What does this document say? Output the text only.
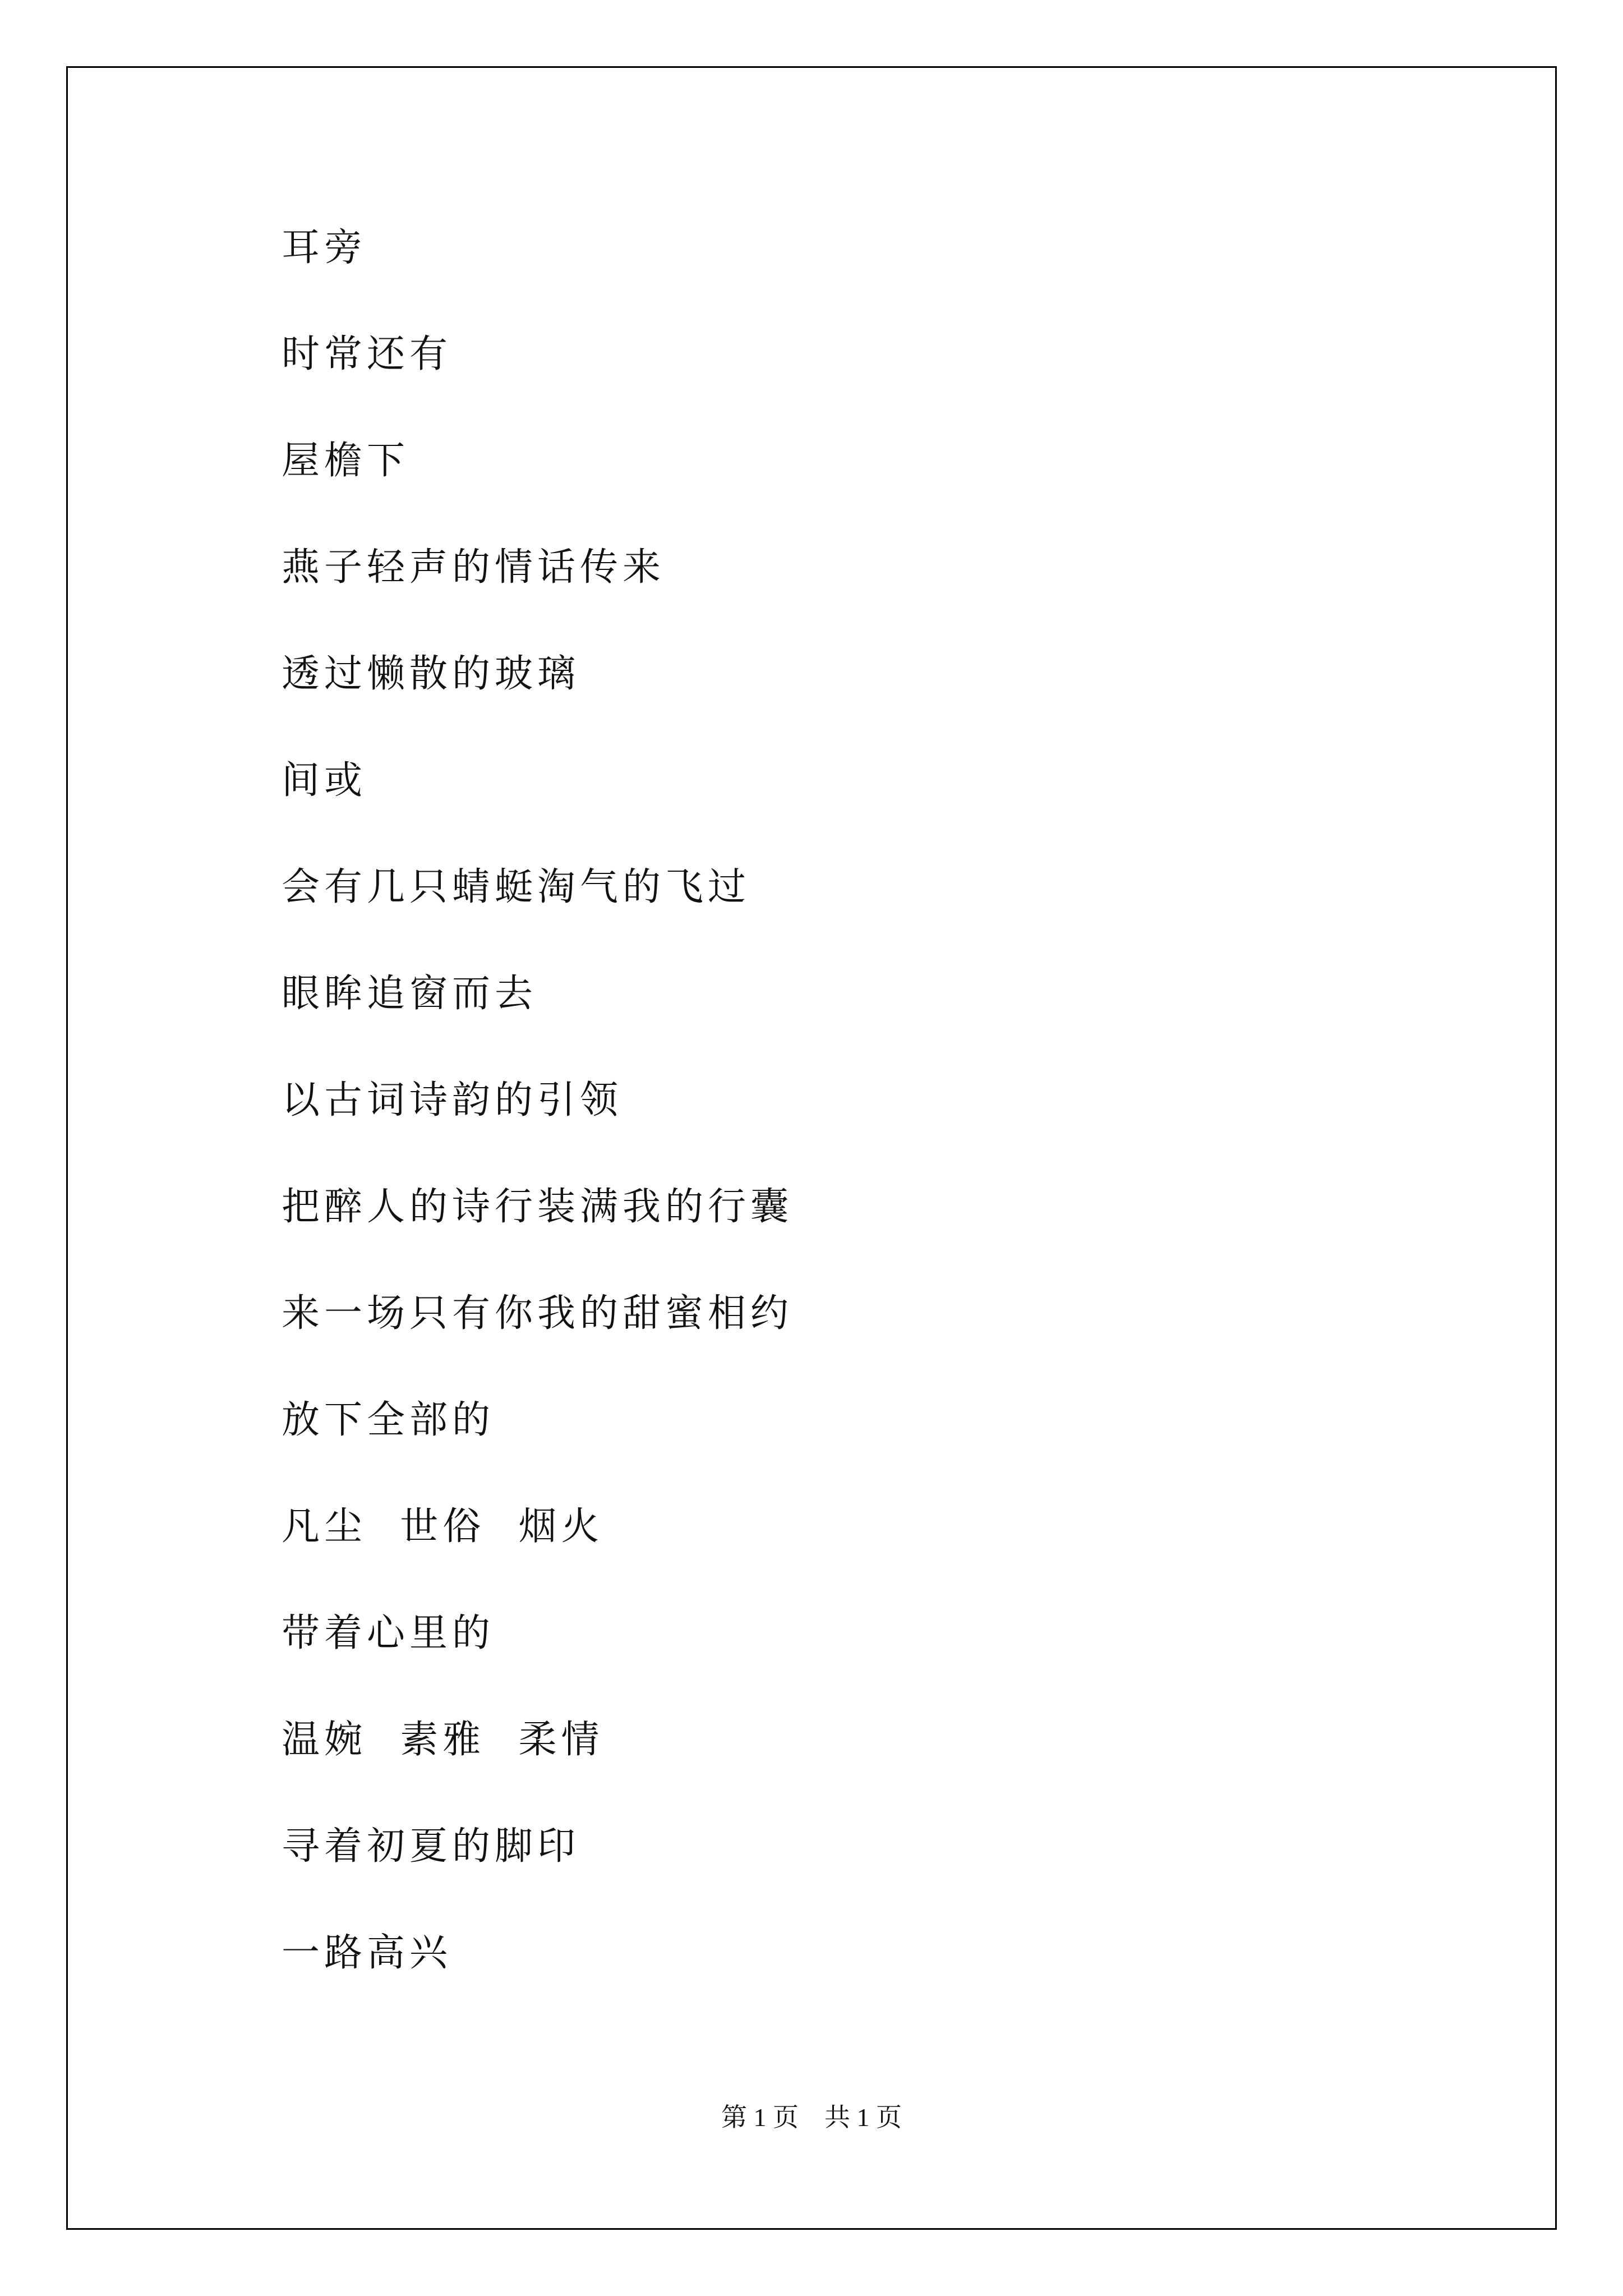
耳旁

时常还有

屋檐下

燕子轻声的情话传来

透过懒散的玻璃

间或

会有几只蜻蜓淘气的飞过

眼眸追窗而去

以古词诗韵的引领

把醉人的诗行装满我的行囊

来一场只有你我的甜蜜相约

放下全部的

凡尘  世俗  烟火

带着心里的

温婉  素雅  柔情

寻着初夏的脚印

一路高兴

第 1 页    共 1 页
